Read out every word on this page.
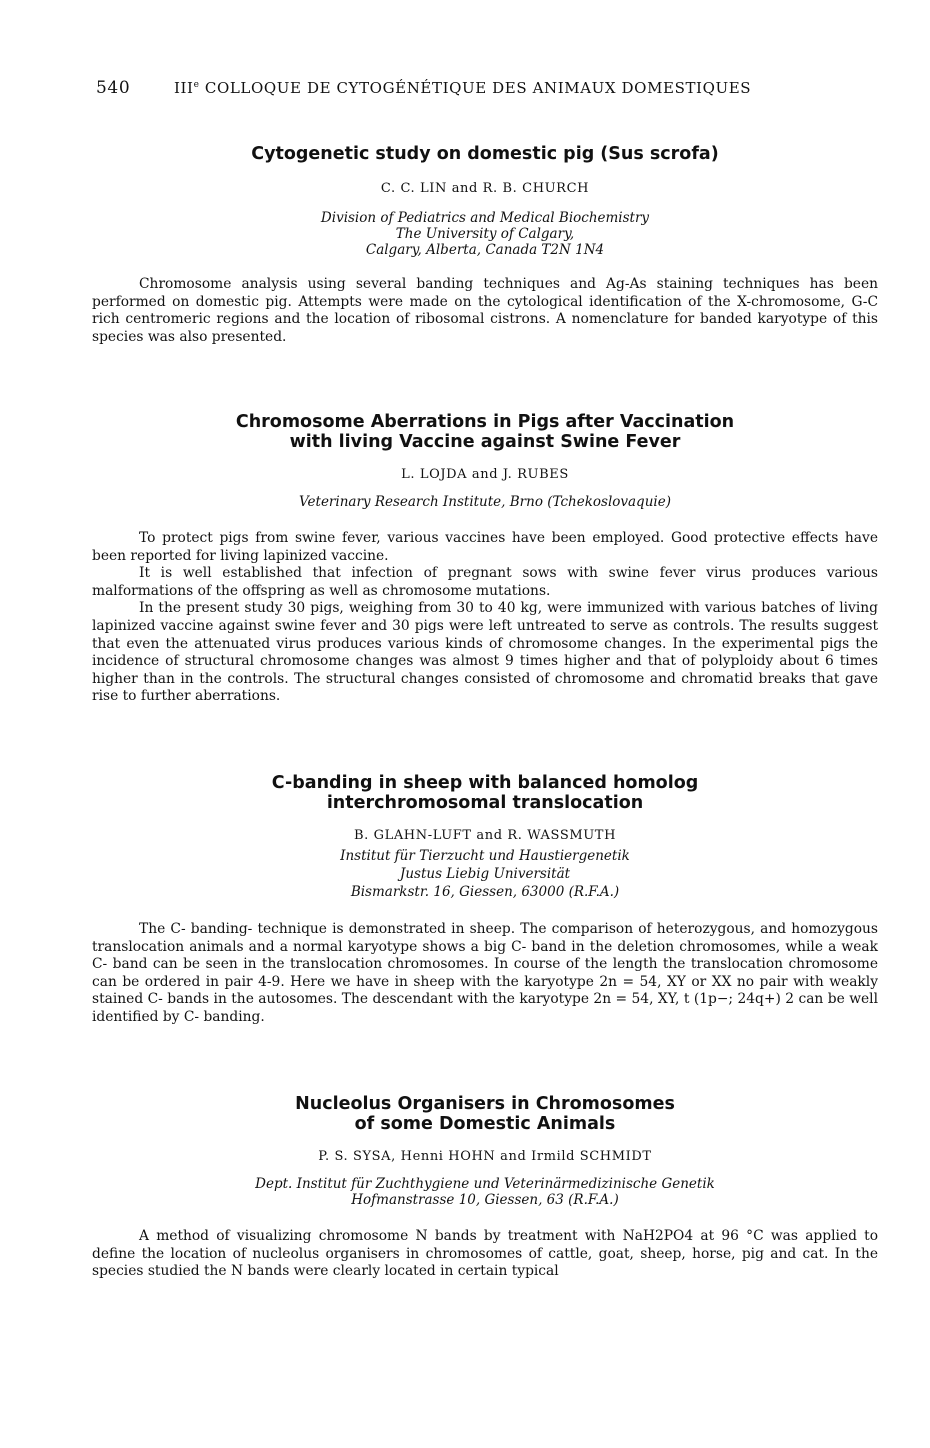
540	IIIe COLLOQUE DE CYTOGÉNÉTIQUE DES ANIMAUX DOMESTIQUES
Cytogenetic study on domestic pig (Sus scrofa)
C. C. LIN and R. B. CHURCH
Division of Pediatrics and Medical Biochemistry
The University of Calgary,
Calgary, Alberta, Canada T2N 1N4

Chromosome analysis using several banding techniques and Ag-As staining techniques has been performed on domestic pig. Attempts were made on the cytological identification of the X-chromosome, G-C rich centromeric regions and the location of ribosomal cistrons. A nomenclature for banded karyotype of this species was also presented.

Chromosome Aberrations in Pigs after Vaccination
with living Vaccine against Swine Fever
L. LOJDA and J. RUBES
Veterinary Research Institute, Brno (Tchekoslovaquie)

To protect pigs from swine fever, various vaccines have been employed. Good protective effects have been reported for living lapinized vaccine.

It is well established that infection of pregnant sows with swine fever virus produces various malformations of the offspring as well as chromosome mutations.

In the present study 30 pigs, weighing from 30 to 40 kg, were immunized with various batches of living lapinized vaccine against swine fever and 30 pigs were left untreated to serve as controls. The results suggest that even the attenuated virus produces various kinds of chromosome changes. In the experimental pigs the incidence of structural chromosome changes was almost 9 times higher and that of polyploidy about 6 times higher than in the controls. The structural changes consisted of chromosome and chromatid breaks that gave rise to further aberrations.

C-banding in sheep with balanced homolog
interchromosomal translocation
B. GLAHN-LUFT and R. WASSMUTH
Institut für Tierzucht und Haustiergenetik
Justus Liebig Universität
Bismarkstr. 16, Giessen, 63000 (R.F.A.)

The C- banding- technique is demonstrated in sheep. The comparison of heterozygous, and homozygous translocation animals and a normal karyotype shows a big C- band in the deletion chromosomes, while a weak C- band can be seen in the translocation chromosomes. In course of the length the translocation chromosome can be ordered in pair 4-9. Here we have in sheep with the karyotype 2n = 54, XY or XX no pair with weakly stained C- bands in the autosomes. The descendant with the karyotype 2n = 54, XY, t (1p−; 24q+) 2 can be well identified by C- banding.

Nucleolus Organisers in Chromosomes
of some Domestic Animals
P. S. SYSA, Henni HOHN and Irmild SCHMIDT
Dept. Institut für Zuchthygiene und Veterinärmedizinische Genetik
Hofmanstrasse 10, Giessen, 63 (R.F.A.)

A method of visualizing chromosome N bands by treatment with NaH2PO4 at 96 °C was applied to define the location of nucleolus organisers in chromosomes of cattle, goat, sheep, horse, pig and cat. In the species studied the N bands were clearly located in certain typical
